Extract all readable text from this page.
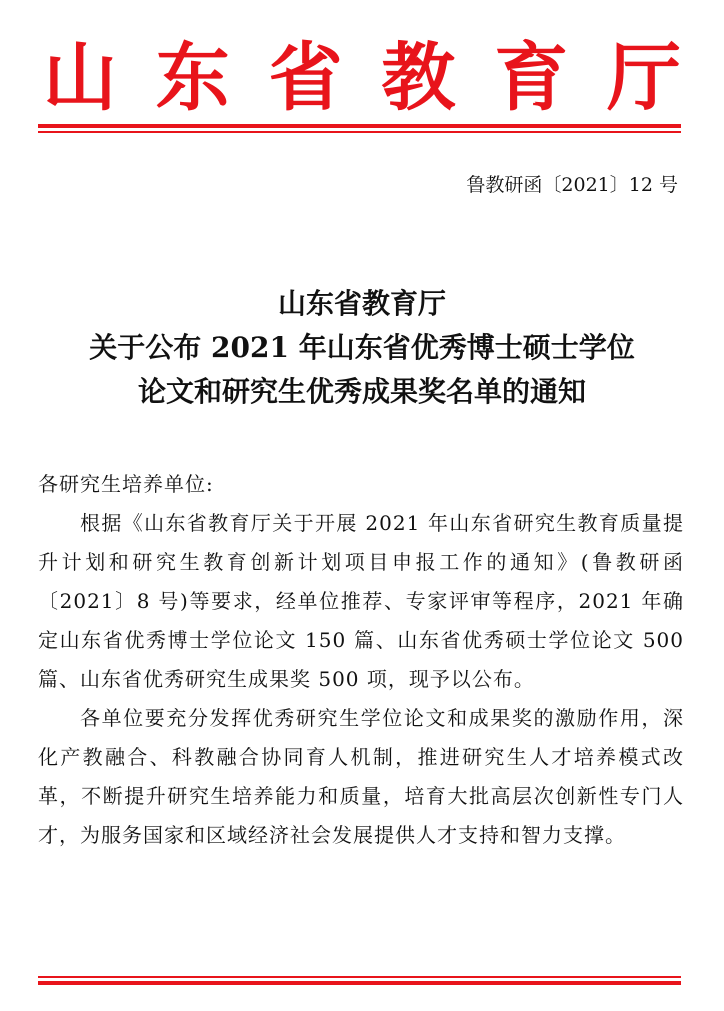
山 东 省 教 育 厅
鲁教研函〔2021〕12 号
山东省教育厅
关于公布 2021 年山东省优秀博士硕士学位
论文和研究生优秀成果奖名单的通知

各研究生培养单位:

根据《山东省教育厅关于开展 2021 年山东省研究生教育质量提升计划和研究生教育创新计划项目申报工作的通知》(鲁教研函〔2021〕8 号)等要求，经单位推荐、专家评审等程序，2021 年确定山东省优秀博士学位论文 150 篇、山东省优秀硕士学位论文 500 篇、山东省优秀研究生成果奖 500 项，现予以公布。

各单位要充分发挥优秀研究生学位论文和成果奖的激励作用，深化产教融合、科教融合协同育人机制，推进研究生人才培养模式改革，不断提升研究生培养能力和质量，培育大批高层次创新性专门人才，为服务国家和区域经济社会发展提供人才支持和智力支撑。
